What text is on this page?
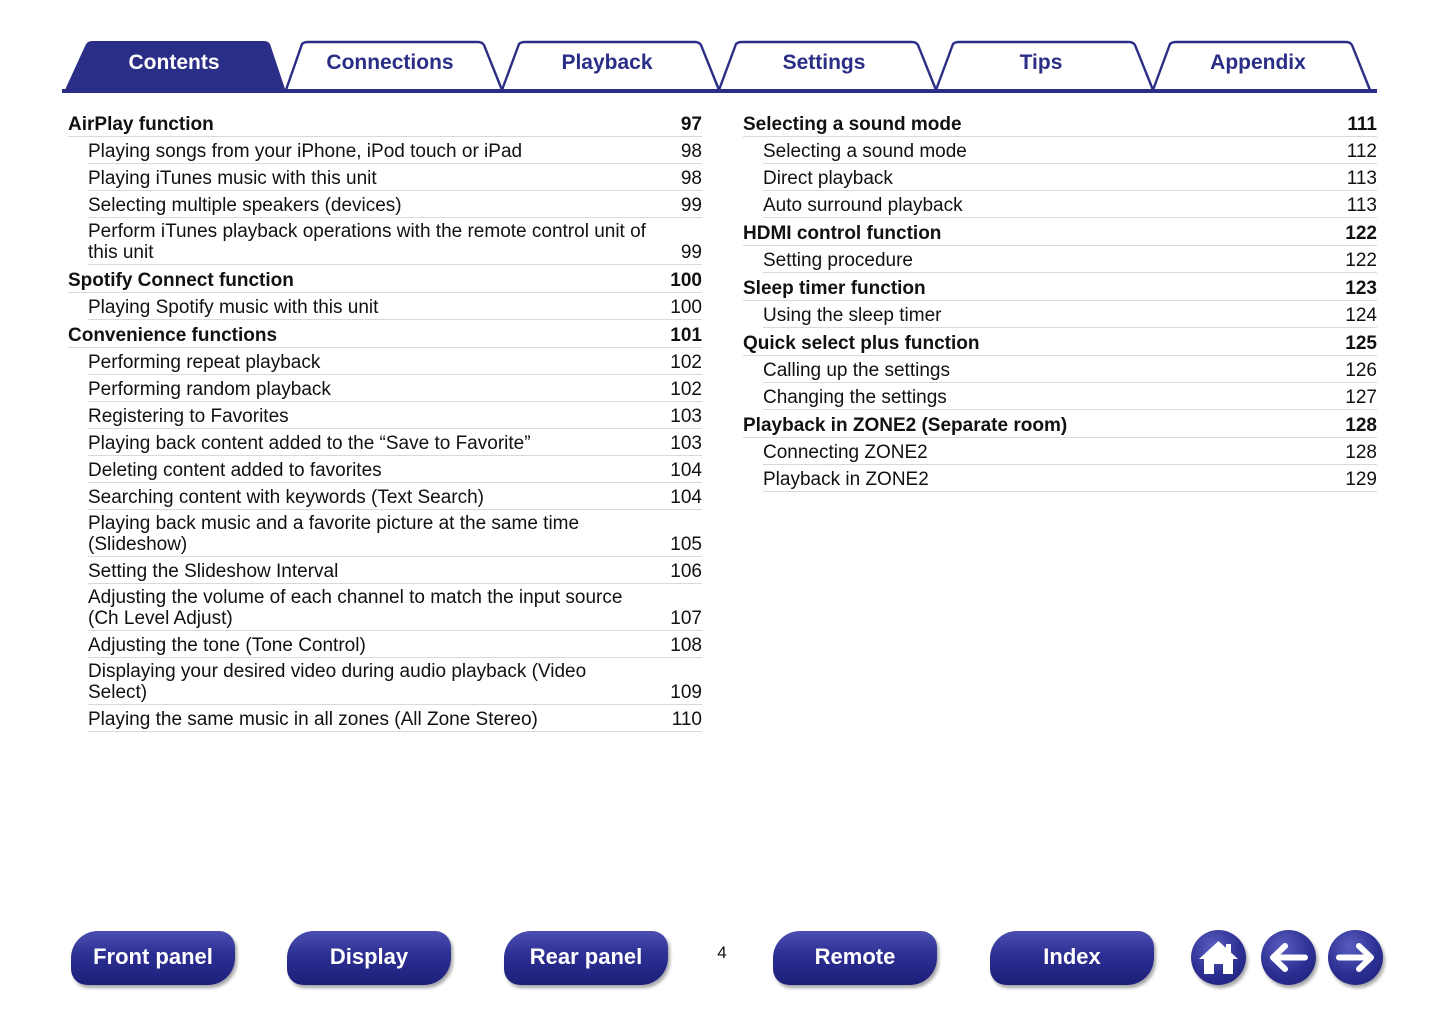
Contents	Connections	Playback	Settings	Tips	Appendix
AirPlay function	97
Playing songs from your iPhone, iPod touch or iPad	98
Playing iTunes music with this unit	98
Selecting multiple speakers (devices)	99
Perform iTunes playback operations with the remote control unit of this unit	99
Spotify Connect function	100
Playing Spotify music with this unit	100
Convenience functions	101
Performing repeat playback	102
Performing random playback	102
Registering to Favorites	103
Playing back content added to the “Save to Favorite”	103
Deleting content added to favorites	104
Searching content with keywords (Text Search)	104
Playing back music and a favorite picture at the same time (Slideshow)	105
Setting the Slideshow Interval	106
Adjusting the volume of each channel to match the input source (Ch Level Adjust)	107
Adjusting the tone (Tone Control)	108
Displaying your desired video during audio playback (Video Select)	109
Playing the same music in all zones (All Zone Stereo)	110
Selecting a sound mode	111
Selecting a sound mode	112
Direct playback	113
Auto surround playback	113
HDMI control function	122
Setting procedure	122
Sleep timer function	123
Using the sleep timer	124
Quick select plus function	125
Calling up the settings	126
Changing the settings	127
Playback in ZONE2 (Separate room)	128
Connecting ZONE2	128
Playback in ZONE2	129
Front panel	Display	Rear panel	4	Remote	Index
